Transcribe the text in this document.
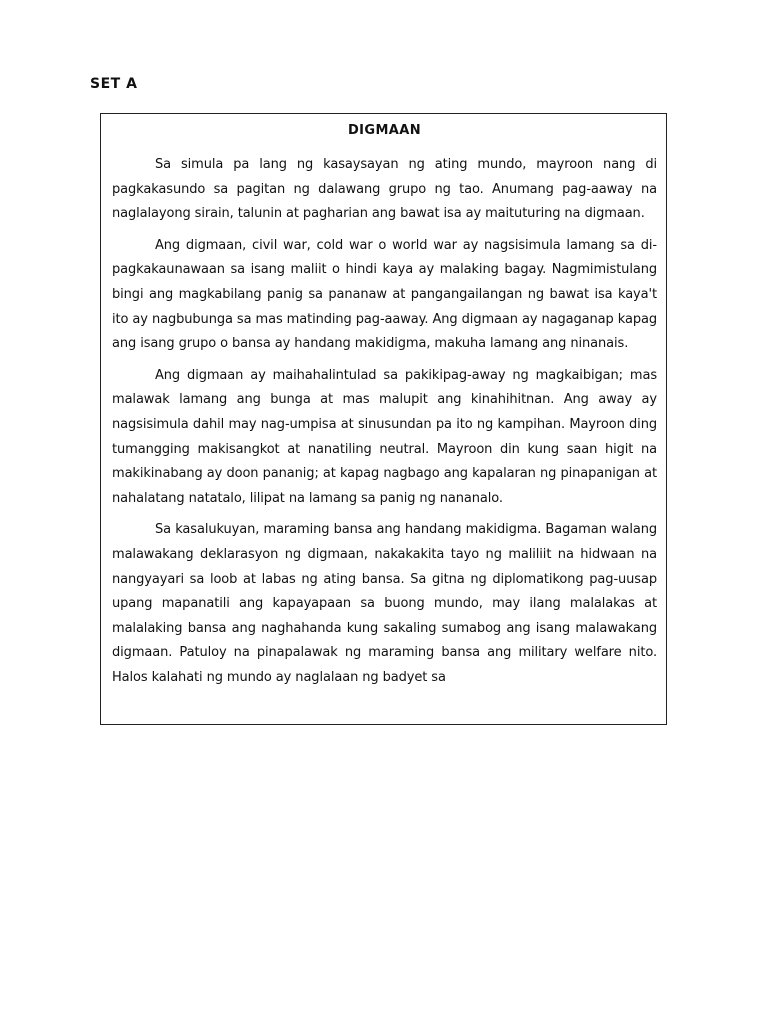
SET A
DIGMAAN

Sa simula pa lang ng kasaysayan ng ating mundo, mayroon nang di pagkakasundo sa pagitan ng dalawang grupo ng tao. Anumang pag-aaway na naglalayong sirain, talunin at pagharian ang bawat isa ay maituturing na digmaan.

Ang digmaan, civil war, cold war o world war ay nagsisimula lamang sa di-pagkakaunawaan sa isang maliit o hindi kaya ay malaking bagay. Nagmimistulang bingi ang magkabilang panig sa pananaw at pangangailangan ng bawat isa kaya't ito ay nagbubunga sa mas matinding pag-aaway. Ang digmaan ay nagaganap kapag ang isang grupo o bansa ay handang makidigma, makuha lamang ang ninanais.

Ang digmaan ay maihahalintulad sa pakikipag-away ng magkaibigan; mas malawak lamang ang bunga at mas malupit ang kinahihitnan. Ang away ay nagsisimula dahil may nag-umpisa at sinusundan pa ito ng kampihan. Mayroon ding tumangging makisangkot at nanatiling neutral. Mayroon din kung saan higit na makikinabang ay doon pananig; at kapag nagbago ang kapalaran ng pinapanigan at nahalatang natatalo, lilipat na lamang sa panig ng nananalo.

Sa kasalukuyan, maraming bansa ang handang makidigma. Bagaman walang malawakang deklarasyon ng digmaan, nakakakita tayo ng maliliit na hidwaan na nangyayari sa loob at labas ng ating bansa. Sa gitna ng diplomatikong pag-uusap upang mapanatili ang kapayapaan sa buong mundo, may ilang malalakas at malalaking bansa ang naghahanda kung sakaling sumabog ang isang malawakang digmaan. Patuloy na pinapalawak ng maraming bansa ang military welfare nito. Halos kalahati ng mundo ay naglalaan ng badyet sa
